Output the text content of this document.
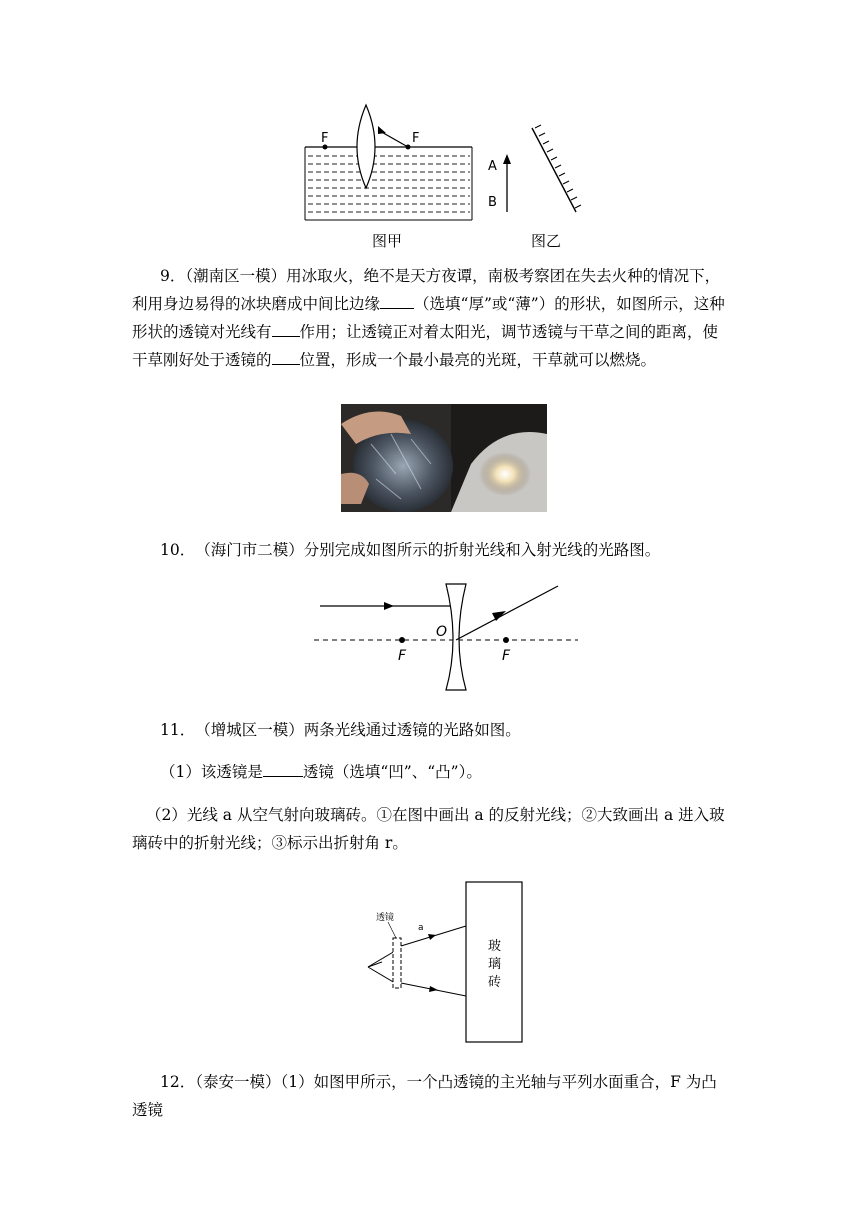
F	F
A
B
图甲	图乙
9．（潮南区一模）用冰取火，绝不是天方夜谭，南极考察团在失去火种的情况下，利用身边易得的冰块磨成中间比边缘 （选填“厚”或“薄”）的形状，如图所示，这种形状的透镜对光线有 作用；让透镜正对着太阳光，调节透镜与干草之间的距离，使干草刚好处于透镜的 位置，形成一个最小最亮的光斑，干草就可以燃烧。
10．　（海门市二模）分别完成如图所示的折射光线和入射光线的光路图。
O
F	F
11．　（增城区一模）两条光线通过透镜的光路如图。
（1）该透镜是	透镜（选填“凹”、“凸”）。
（2）光线 a 从空气射向玻璃砖。①在图中画出 a 的反射光线；②大致画出 a 进入玻璃砖中的折射光线；③标示出折射角 r。
透镜
a
玻
璃
砖
12．（泰安一模）（1）如图甲所示，一个凸透镜的主光轴与平列水面重合，F 为凸透镜
